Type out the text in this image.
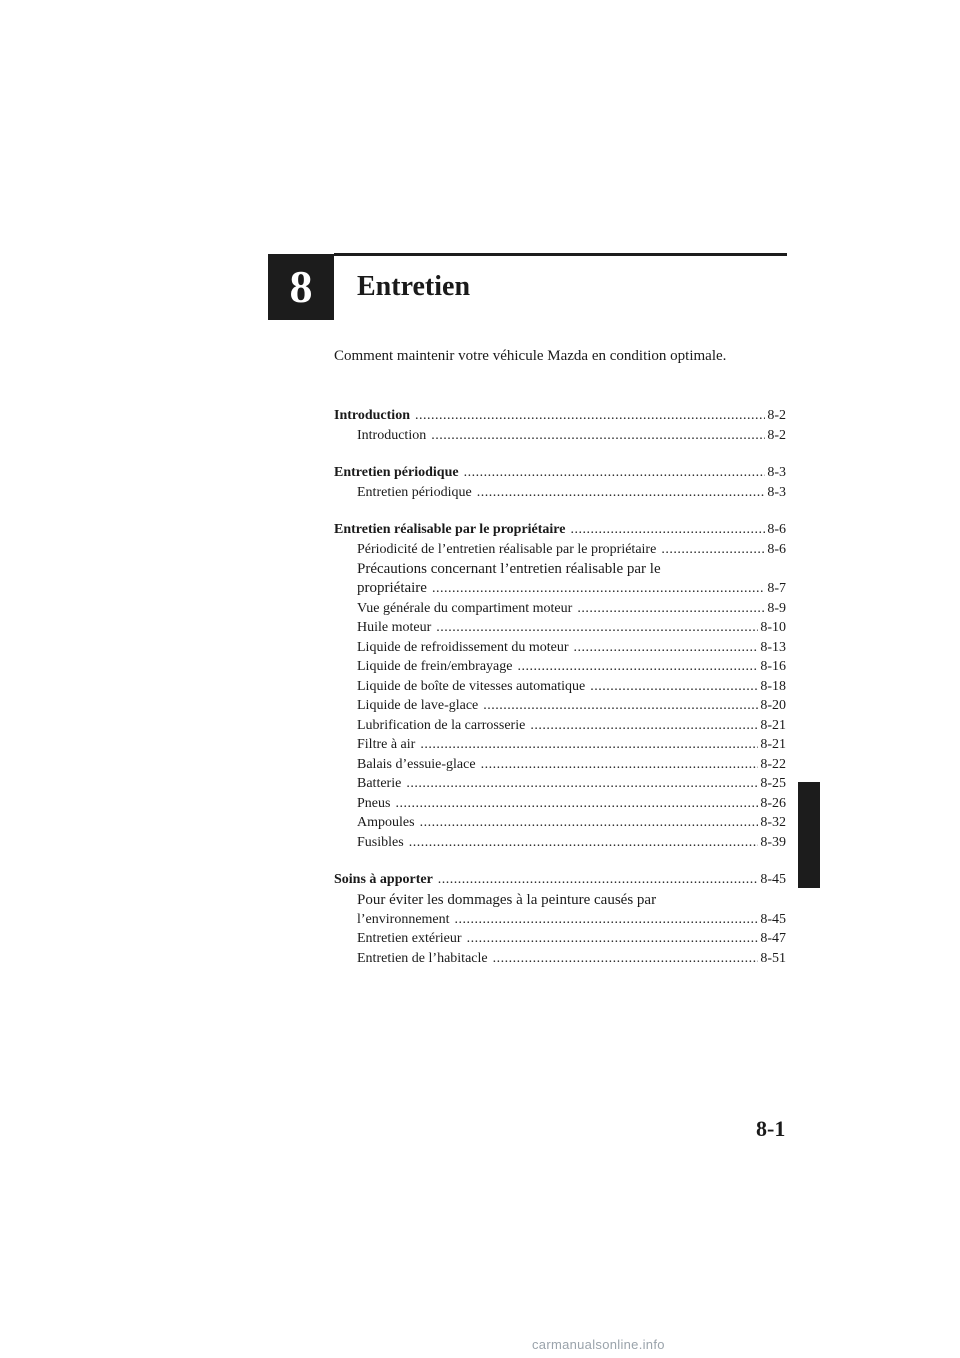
8 Entretien

Comment maintenir votre véhicule Mazda en condition optimale.

Introduction .....	8-2
Introduction .....	8-2
Entretien périodique .....	8-3
Entretien périodique .....	8-3
Entretien réalisable par le propriétaire .....	8-6
Périodicité de l’entretien réalisable par le propriétaire .....	8-6
Précautions concernant l’entretien réalisable par le
propriétaire .....	8-7
Vue générale du compartiment moteur .....	8-9
Huile moteur .....	8-10
Liquide de refroidissement du moteur .....	8-13
Liquide de frein/embrayage .....	8-16
Liquide de boîte de vitesses automatique .....	8-18
Liquide de lave-glace .....	8-20
Lubrification de la carrosserie .....	8-21
Filtre à air .....	8-21
Balais d’essuie-glace .....	8-22
Batterie .....	8-25
Pneus .....	8-26
Ampoules .....	8-32
Fusibles .....	8-39
Soins à apporter .....	8-45
Pour éviter les dommages à la peinture causés par
l’environnement .....	8-45
Entretien extérieur .....	8-47
Entretien de l’habitacle .....	8-51

8-1

carmanualsonline.info
